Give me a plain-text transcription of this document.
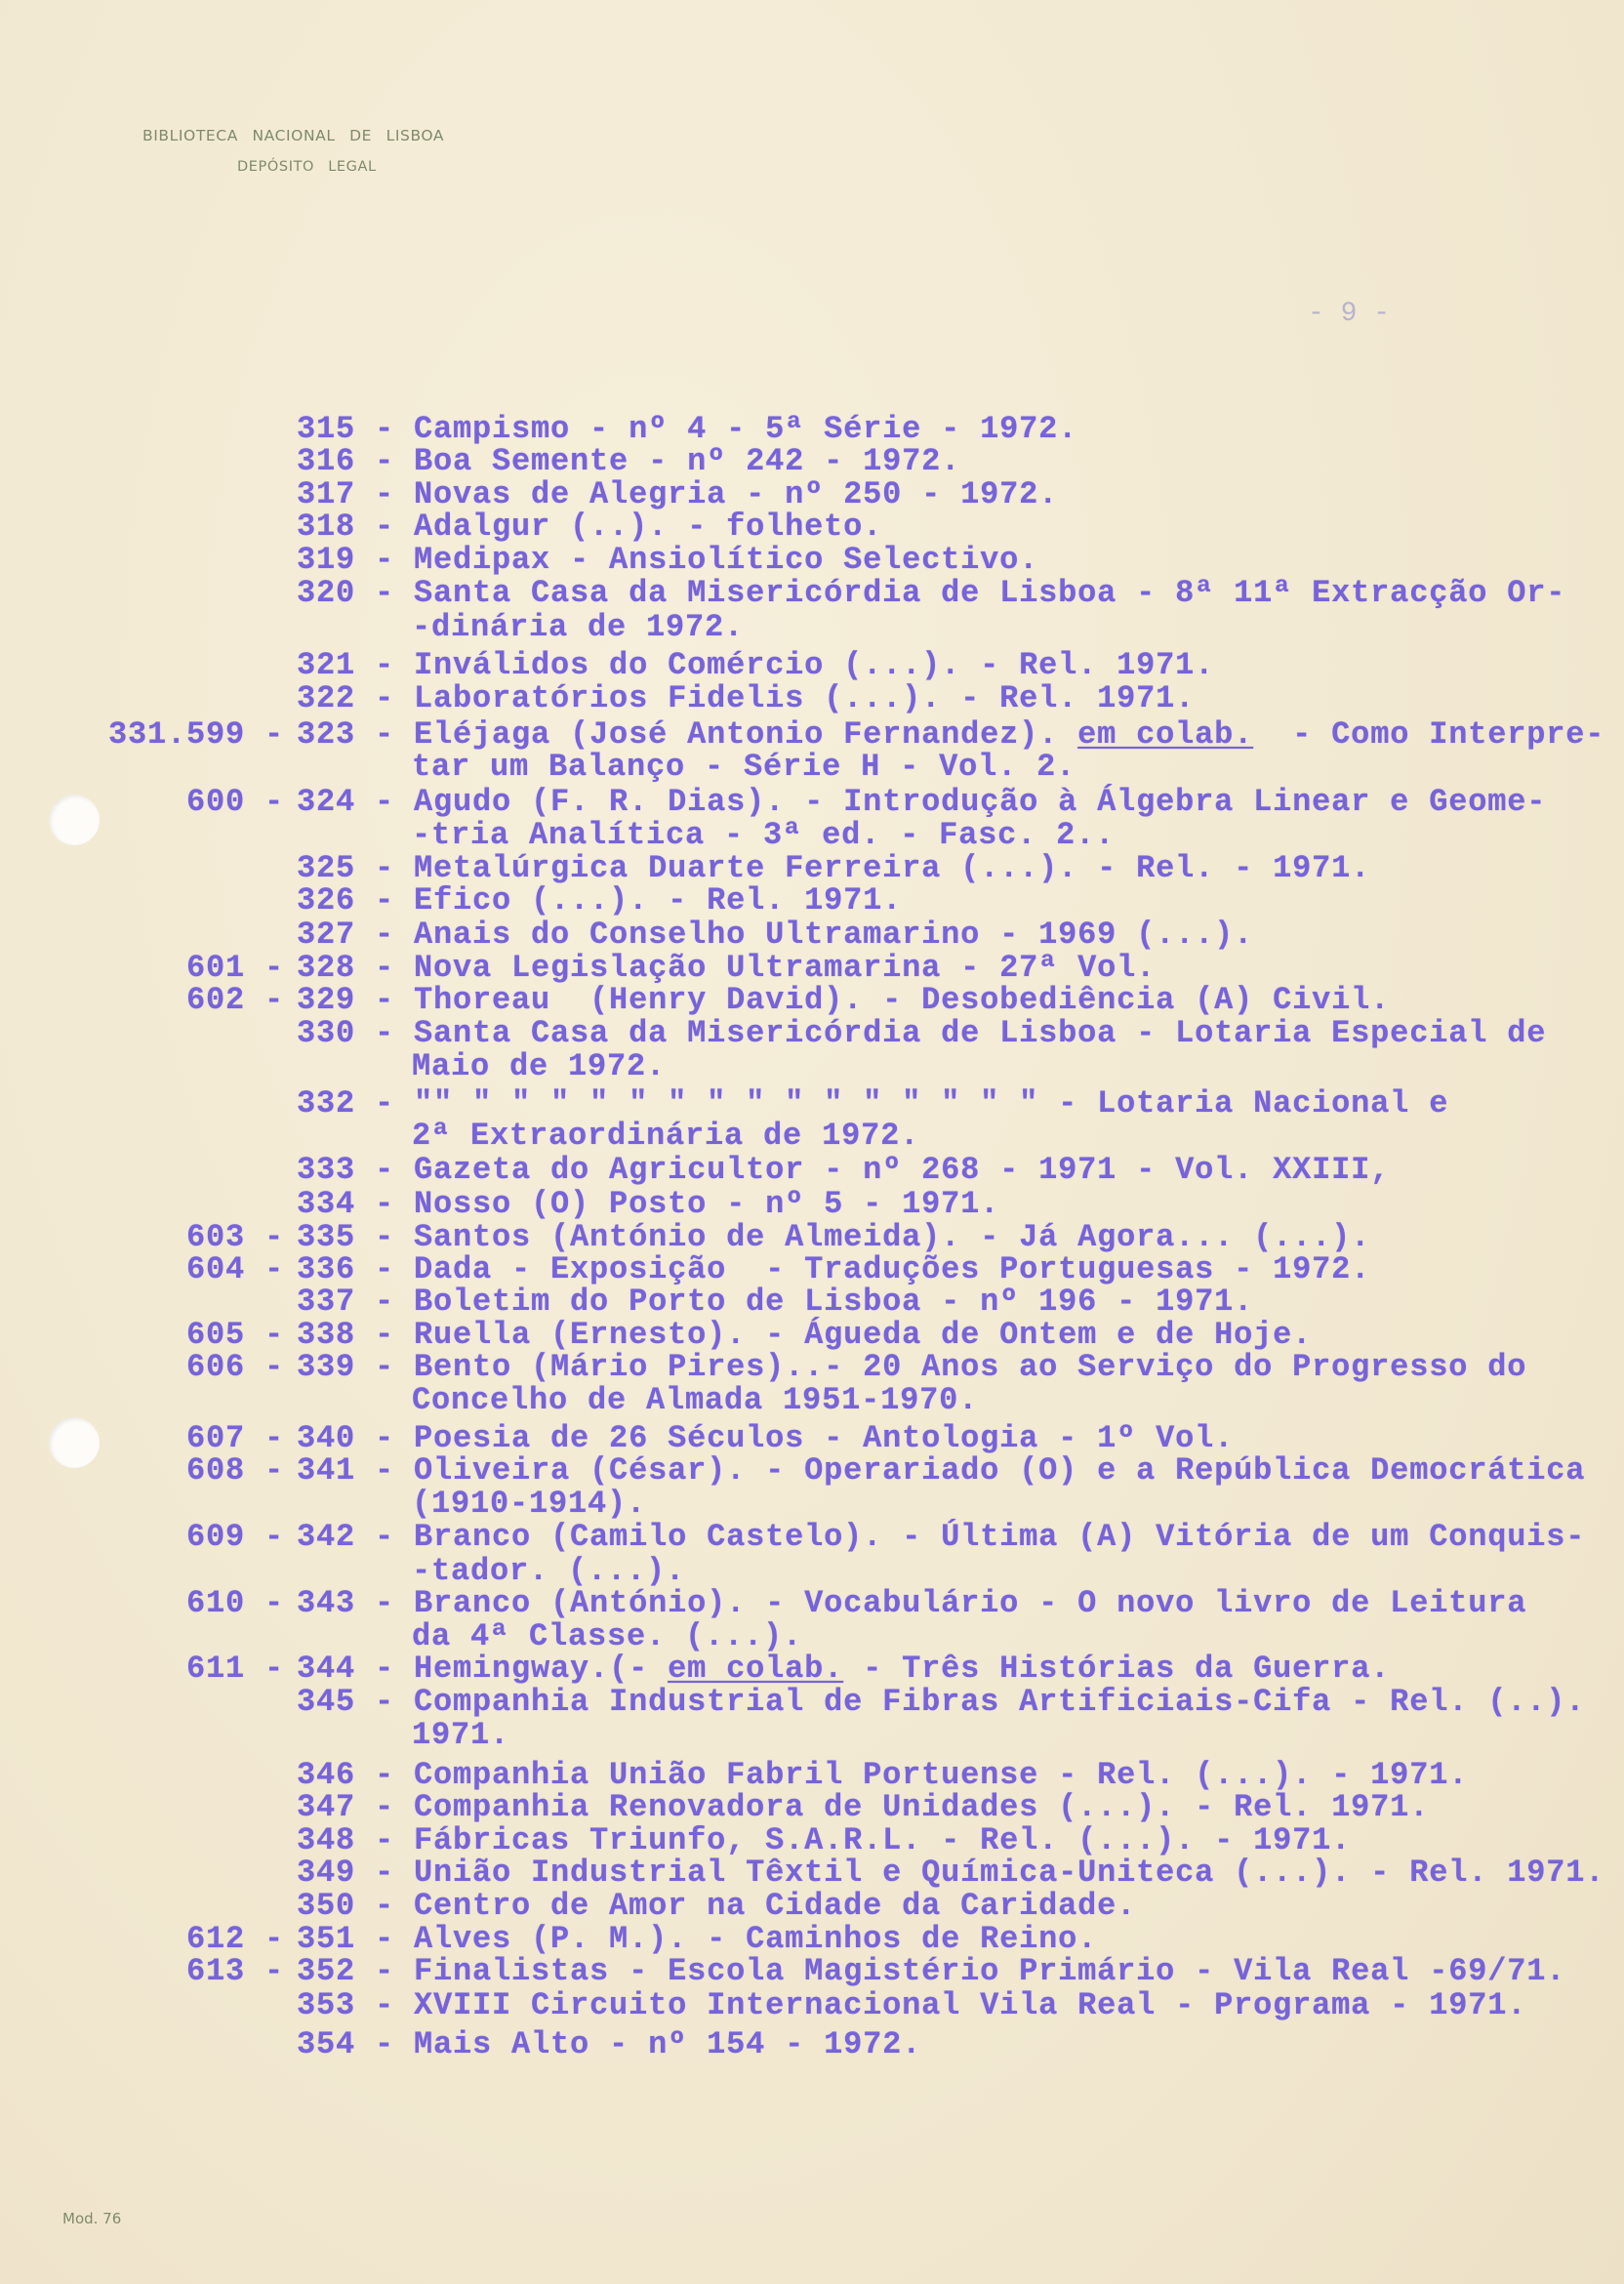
BIBLIOTECA NACIONAL DE LISBOA
DEPÓSITO LEGAL
- 9 -
315 - Campismo - nº 4 - 5ª Série - 1972.
316 - Boa Semente - nº 242 - 1972.
317 - Novas de Alegria - nº 250 - 1972.
318 - Adalgur (..). - folheto.
319 - Medipax - Ansiolítico Selectivo.
320 - Santa Casa da Misericórdia de Lisboa - 8ª 11ª Extracção Or-
-dinária de 1972.
321 - Inválidos do Comércio (...). - Rel. 1971.
322 - Laboratórios Fidelis (...). - Rel. 1971.
331.599 - 323 - Eléjaga (José Antonio Fernandez). em colab.  - Como Interpre-
tar um Balanço - Série H - Vol. 2.
600 - 324 - Agudo (F. R. Dias). - Introdução à Álgebra Linear e Geome-
-tria Analítica - 3ª ed. - Fasc. 2..
325 - Metalúrgica Duarte Ferreira (...). - Rel. - 1971.
326 - Efico (...). - Rel. 1971.
327 - Anais do Conselho Ultramarino - 1969 (...).
601 - 328 - Nova Legislação Ultramarina - 27ª Vol.
602 - 329 - Thoreau  (Henry David). - Desobediência (A) Civil.
330 - Santa Casa da Misericórdia de Lisboa - Lotaria Especial de
Maio de 1972.
332 - "" " " " " " " " " " " " " " " " - Lotaria Nacional e
2ª Extraordinária de 1972.
333 - Gazeta do Agricultor - nº 268 - 1971 - Vol. XXIII,
334 - Nosso (O) Posto - nº 5 - 1971.
603 - 335 - Santos (António de Almeida). - Já Agora... (...).
604 - 336 - Dada - Exposição  - Traduções Portuguesas - 1972.
337 - Boletim do Porto de Lisboa - nº 196 - 1971.
605 - 338 - Ruella (Ernesto). - Águeda de Ontem e de Hoje.
606 - 339 - Bento (Mário Pires)..- 20 Anos ao Serviço do Progresso do
Concelho de Almada 1951-1970.
607 - 340 - Poesia de 26 Séculos - Antologia - 1º Vol.
608 - 341 - Oliveira (César). - Operariado (O) e a República Democrática
(1910-1914).
609 - 342 - Branco (Camilo Castelo). - Última (A) Vitória de um Conquis-
-tador. (...).
610 - 343 - Branco (António). - Vocabulário - O novo livro de Leitura
da 4ª Classe. (...).
611 - 344 - Hemingway.(- em colab. - Três Histórias da Guerra.
345 - Companhia Industrial de Fibras Artificiais-Cifa - Rel. (..).
1971.
346 - Companhia União Fabril Portuense - Rel. (...). - 1971.
347 - Companhia Renovadora de Unidades (...). - Rel. 1971.
348 - Fábricas Triunfo, S.A.R.L. - Rel. (...). - 1971.
349 - União Industrial Têxtil e Química-Uniteca (...). - Rel. 1971.
350 - Centro de Amor na Cidade da Caridade.
612 - 351 - Alves (P. M.). - Caminhos de Reino.
613 - 352 - Finalistas - Escola Magistério Primário - Vila Real -69/71.
353 - XVIII Circuito Internacional Vila Real - Programa - 1971.
354 - Mais Alto - nº 154 - 1972.
Mod. 76
